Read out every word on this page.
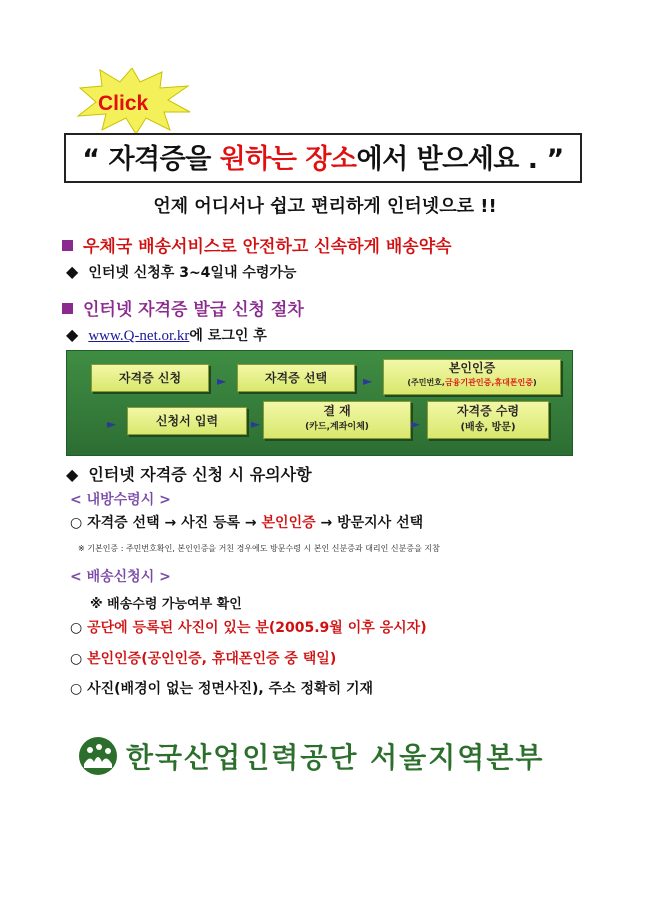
Click
“ 자격증을 원하는 장소에서 받으세요 . ”
언제 어디서나 쉽고 편리하게 인터넷으로 !!
우체국 배송서비스로 안전하고 신속하게 배송약속
◆ 인터넷 신청후 3~4일내 수령가능
인터넷 자격증 발급 신청 절차
◆ www.Q-net.or.kr에 로그인 후
자격증 신청	►	자격증 선택	►
본인인증
(주민번호,금융기관인증,휴대폰인증)
►	신청서 입력	►
결 재
(카드,계좌이체)	►
자격증 수령
(배송, 방문)
◆ 인터넷 자격증 신청 시 유의사항
< 내방수령시 >
○ 자격증 선택 → 사진 등록 → 본인인증 → 방문지사 선택
※ 기본인증 : 주민번호확인, 본인인증을 거친 경우에도 방문수령 시 본인 신분증과 대리인 신분증을 지참
< 배송신청시 >
※ 배송수령 가능여부 확인
○ 공단에 등록된 사진이 있는 분(2005.9월 이후 응시자)
○ 본인인증(공인인증, 휴대폰인증 중 택일)
○ 사진(배경이 없는 정면사진), 주소 정확히 기재
한국산업인력공단 서울지역본부
